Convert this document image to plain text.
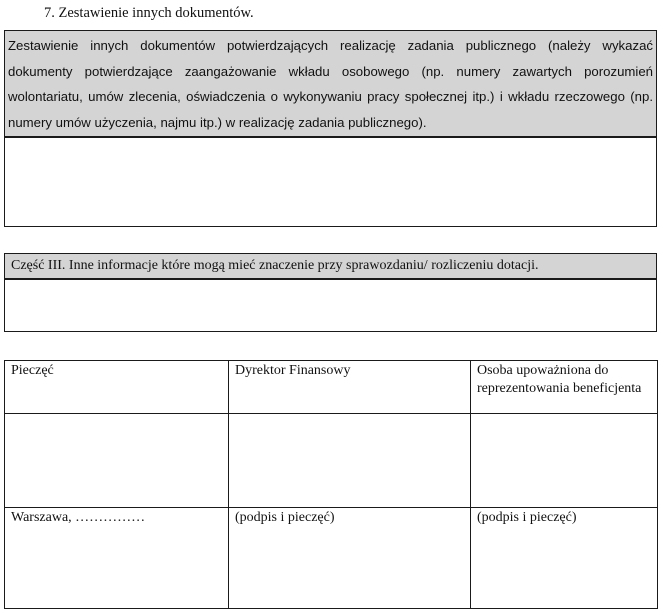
7. Zestawienie innych dokumentów.
Zestawienie innych dokumentów potwierdzających realizację zadania publicznego (należy wykazać dokumenty potwierdzające zaangażowanie wkładu osobowego (np. numery zawartych porozumień wolontariatu, umów zlecenia, oświadczenia o wykonywaniu pracy społecznej itp.) i wkładu rzeczowego (np. numery umów użyczenia, najmu itp.) w realizację zadania publicznego).
Część III. Inne informacje które mogą mieć znaczenie przy sprawozdaniu/ rozliczeniu dotacji.
Pieczęć	Dyrektor Finansowy	Osoba upoważniona do reprezentowania beneficjenta

Warszawa, ……………	(podpis i pieczęć)	(podpis i pieczęć)
